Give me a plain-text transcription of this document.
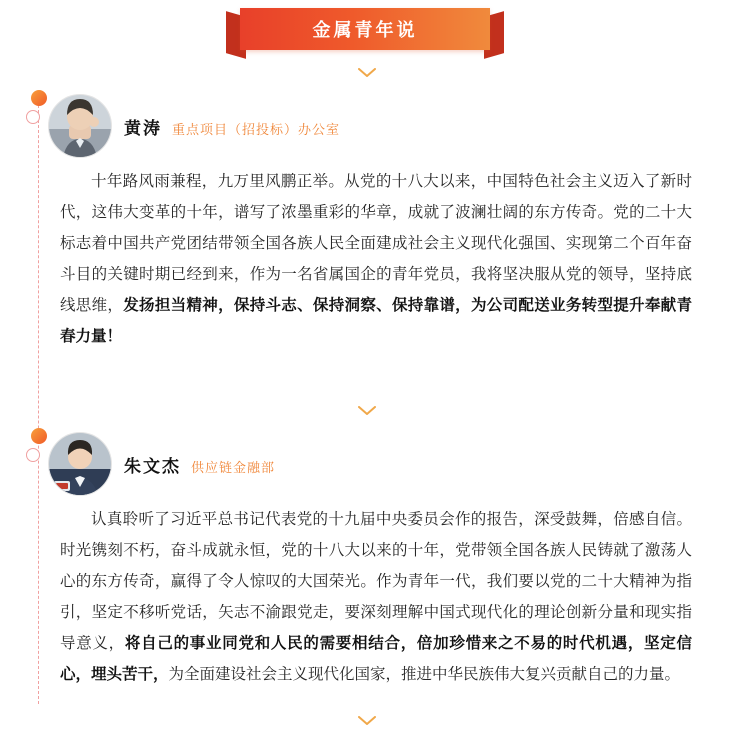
金属青年说
黄涛 重点项目（招投标）办公室

十年路风雨兼程，九万里风鹏正举。从党的十八大以来，中国特色社会主义迈入了新时代，这伟大变革的十年，谱写了浓墨重彩的华章，成就了波澜壮阔的东方传奇。党的二十大标志着中国共产党团结带领全国各族人民全面建成社会主义现代化强国、实现第二个百年奋斗目的关键时期已经到来，作为一名省属国企的青年党员，我将坚决服从党的领导，坚持底线思维，发扬担当精神，保持斗志、保持洞察、保持靠谱，为公司配送业务转型提升奉献青春力量！

朱文杰 供应链金融部

认真聆听了习近平总书记代表党的十九届中央委员会作的报告，深受鼓舞，倍感自信。时光镌刻不朽，奋斗成就永恒，党的十八大以来的十年，党带领全国各族人民铸就了激荡人心的东方传奇，赢得了令人惊叹的大国荣光。作为青年一代，我们要以党的二十大精神为指引，坚定不移听党话，矢志不渝跟党走，要深刻理解中国式现代化的理论创新分量和现实指导意义，将自己的事业同党和人民的需要相结合，倍加珍惜来之不易的时代机遇，坚定信心，埋头苦干，为全面建设社会主义现代化国家，推进中华民族伟大复兴贡献自己的力量。
